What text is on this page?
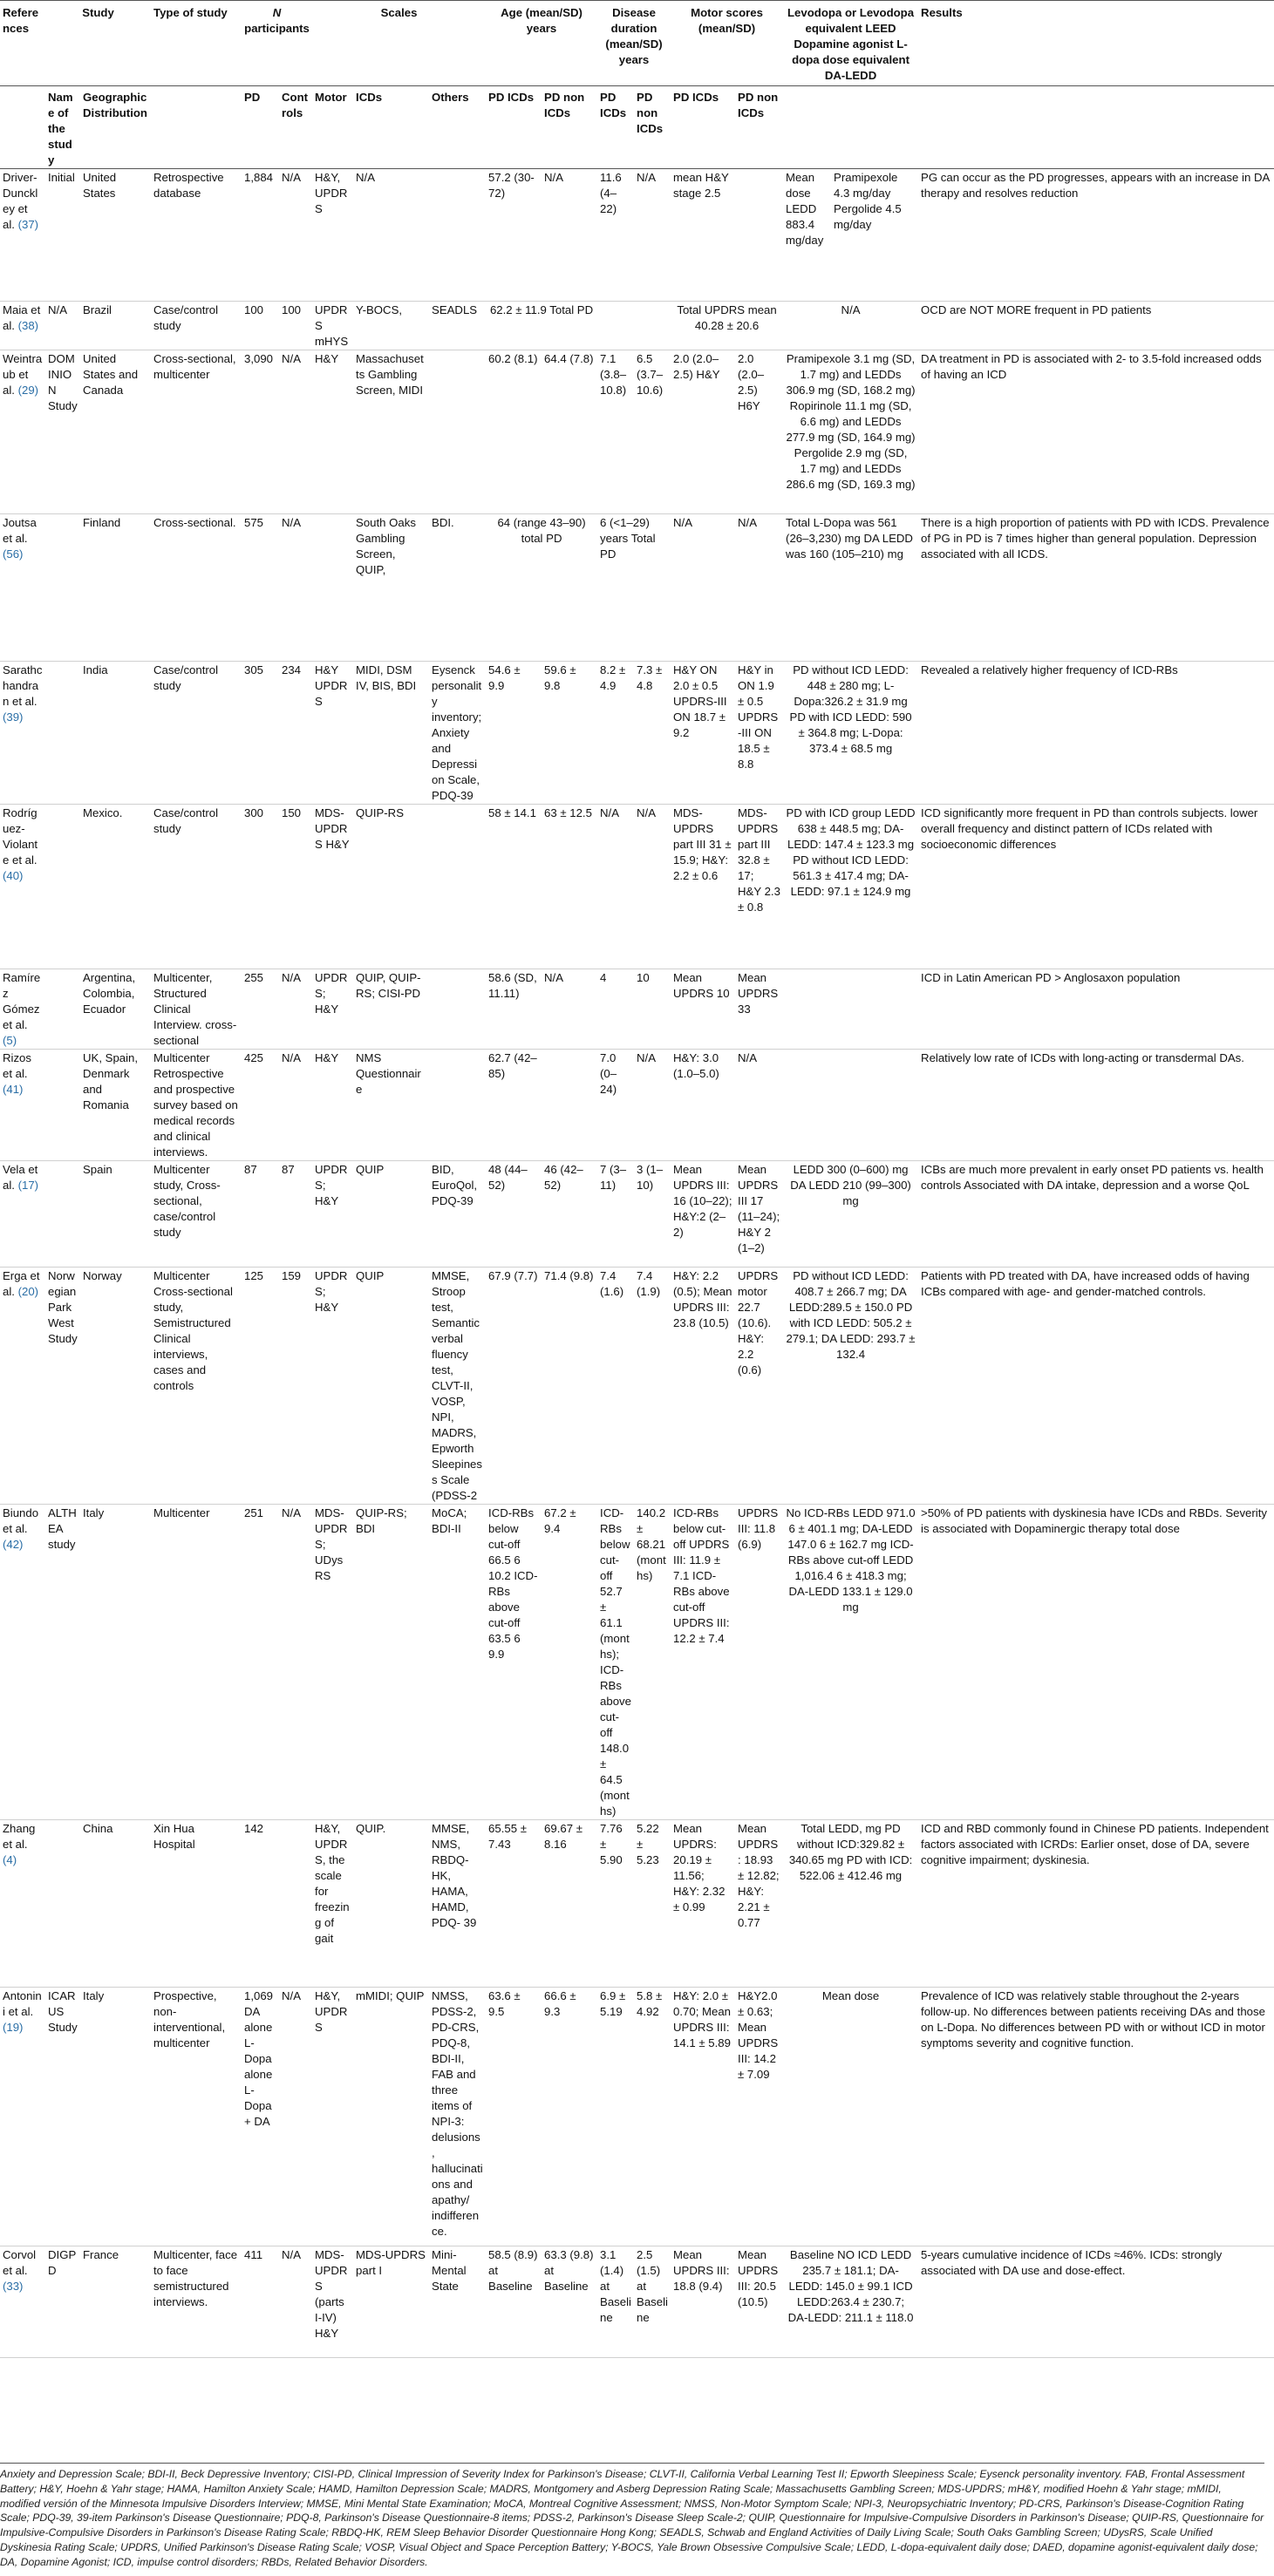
References	Study		Type of study	N participants		Scales			Age (mean/SD) years		Disease duration (mean/SD) years		Motor scores (mean/SD)		Levodopa or Levodopa equivalent LEED Dopamine agonist L-dopa dose equivalent DA-LEDD		Results
	Name of the study	Geographic Distribution		PD	Controls	Motor	ICDs	Others	PD ICDs	PD non ICDs	PD ICDs	PD non ICDs	PD ICDs	PD non ICDs			
Driver-Dunckley et al. (37)	Initial	United States	Retrospective database	1,884	N/A	H&Y, UPDRS	N/A		57.2 (30-72)	N/A	11.6 (4–22)	N/A	mean H&Y stage 2.5		Mean dose LEDD 883.4 mg/day	Pramipexole 4.3 mg/day Pergolide 4.5 mg/day	PG can occur as the PD progresses, appears with an increase in DA therapy and resolves reduction
Maia et al. (38)	N/A	Brazil	Case/control study	100	100	UPDRS mHYS	Y-BOCS,	SEADLS	62.2 ± 11.9 Total PD				Total UPDRS mean 40.28 ± 20.6		N/A		OCD are NOT MORE frequent in PD patients
Weintraub et al. (29)	DOMINION Study	United States and Canada	Cross-sectional, multicenter	3,090	N/A	H&Y	Massachusetts Gambling Screen, MIDI		60.2 (8.1)	64.4 (7.8)	7.1 (3.8–10.8)	6.5 (3.7–10.6)	2.0 (2.0–2.5) H&Y	2.0 (2.0–2.5) H6Y	Pramipexole 3.1 mg (SD, 1.7 mg) and LEDDs 306.9 mg (SD, 168.2 mg) Ropirinole 11.1 mg (SD, 6.6 mg) and LEDDs 277.9 mg (SD, 164.9 mg) Pergolide 2.9 mg (SD, 1.7 mg) and LEDDs 286.6 mg (SD, 169.3 mg)		DA treatment in PD is associated with 2- to 3.5-fold increased odds of having an ICD
Joutsa et al. (56)		Finland	Cross-sectional.	575	N/A		South Oaks Gambling Screen, QUIP,	BDI.	64 (range 43–90) total PD		6 (<1–29) years Total PD		N/A	N/A	Total L-Dopa was 561 (26–3,230) mg DA LEDD was 160 (105–210) mg		There is a high proportion of patients with PD with ICDS. Prevalence of PG in PD is 7 times higher than general population. Depression associated with all ICDS.
Sarathchandran et al. (39)		India	Case/control study	305	234	H&Y UPDRS	MIDI, DSM IV, BIS, BDI	Eysenck personality inventory; Anxiety and Depression Scale, PDQ-39	54.6 ± 9.9	59.6 ± 9.8	8.2 ± 4.9	7.3 ± 4.8	H&Y ON 2.0 ± 0.5 UPDRS-III ON 18.7 ± 9.2	H&Y in ON 1.9 ± 0.5 UPDRS-III ON 18.5 ± 8.8	PD without ICD LEDD: 448 ± 280 mg; L-Dopa:326.2 ± 31.9 mg PD with ICD LEDD: 590 ± 364.8 mg; L-Dopa: 373.4 ± 68.5 mg		Revealed a relatively higher frequency of ICD-RBs
Rodríguez-Violante et al. (40)		Mexico.	Case/control study	300	150	MDS-UPDRS H&Y	QUIP-RS		58 ± 14.1	63 ± 12.5	N/A	N/A	MDS-UPDRS part III 31 ± 15.9; H&Y: 2.2 ± 0.6	MDS-UPDRS part III 32.8 ± 17; H&Y 2.3 ± 0.8	PD with ICD group LEDD 638 ± 448.5 mg; DA-LEDD: 147.4 ± 123.3 mg PD without ICD LEDD: 561.3 ± 417.4 mg; DA-LEDD: 97.1 ± 124.9 mg		ICD significantly more frequent in PD than controls subjects. lower overall frequency and distinct pattern of ICDs related with socioeconomic differences
Ramírez Gómez et al. (5)		Argentina, Colombia, Ecuador	Multicenter, Structured Clinical Interview. cross-sectional	255	N/A	UPDRS; H&Y	QUIP, QUIP-RS; CISI-PD		58.6 (SD, 11.11)	N/A	4	10	Mean UPDRS 10	Mean UPDRS 33			ICD in Latin American PD > Anglosaxon population
Rizos et al. (41)		UK, Spain, Denmark and Romania	Multicenter Retrospective and prospective survey based on medical records and clinical interviews.	425	N/A	H&Y	NMS Questionnaire		62.7 (42–85)		7.0 (0–24)	N/A	H&Y: 3.0 (1.0–5.0)	N/A			Relatively low rate of ICDs with long-acting or transdermal DAs.
Vela et al. (17)		Spain	Multicenter study, Cross-sectional, case/control study	87	87	UPDRS; H&Y	QUIP	BID, EuroQol, PDQ-39	48 (44–52)	46 (42–52)	7 (3–11)	3 (1–10)	Mean UPDRS III: 16 (10–22); H&Y:2 (2–2)	Mean UPDRS III 17 (11–24); H&Y 2 (1–2)	LEDD 300 (0–600) mg DA LEDD 210 (99–300) mg		ICBs are much more prevalent in early onset PD patients vs. health controls Associated with DA intake, depression and a worse QoL
Erga et al. (20)	Norwegian ParkWest Study	Norway	Multicenter Cross-sectional study, Semistructured Clinical interviews, cases and controls	125	159	UPDRS; H&Y	QUIP	MMSE, Stroop test, Semantic verbal fluency test, CLVT-II, VOSP, NPI, MADRS, Epworth Sleepiness Scale (PDSS-2	67.9 (7.7)	71.4 (9.8)	7.4 (1.6)	7.4 (1.9)	H&Y: 2.2 (0.5); Mean UPDRS III: 23.8 (10.5)	UPDRS motor 22.7 (10.6). H&Y: 2.2 (0.6)	PD without ICD LEDD: 408.7 ± 266.7 mg; DA LEDD:289.5 ± 150.0 PD with ICD LEDD: 505.2 ± 279.1; DA LEDD: 293.7 ± 132.4		Patients with PD treated with DA, have increased odds of having ICBs compared with age- and gender-matched controls.
Biundo et al. (42)	ALTHEA study	Italy	Multicenter	251	N/A	MDS-UPDRS; UDysRS	QUIP-RS; BDI	MoCA; BDI-II	ICD-RBs below cut-off 66.5 6 10.2 ICD-RBs above cut-off 63.5 6 9.9	67.2 ± 9.4	ICD-RBs below cut-off 52.7 ± 61.1 (months); ICD-RBs above cut-off 148.0 ± 64.5 (months)	140.2 ± 68.21 (months)	ICD-RBs below cut-off UPDRS III: 11.9 ± 7.1 ICD-RBs above cut-off UPDRS III: 12.2 ± 7.4	UPDRS III: 11.8 (6.9)	No ICD-RBs LEDD 971.0 6 ± 401.1 mg; DA-LEDD 147.0 6 ± 162.7 mg ICD-RBs above cut-off LEDD 1,016.4 6 ± 418.3 mg; DA-LEDD 133.1 ± 129.0 mg		>50% of PD patients with dyskinesia have ICDs and RBDs. Severity is associated with Dopaminergic therapy total dose
Zhang et al. (4)		China	Xin Hua Hospital	142		H&Y, UPDRS, the scale for freezing of gait	QUIP.	MMSE, NMS, RBDQ-HK, HAMA, HAMD, PDQ- 39	65.55 ± 7.43	69.67 ± 8.16	7.76 ± 5.90	5.22 ± 5.23	Mean UPDRS: 20.19 ± 11.56; H&Y: 2.32 ± 0.99	Mean UPDRS: 18.93 ± 12.82; H&Y: 2.21 ± 0.77	Total LEDD, mg PD without ICD:329.82 ± 340.65 mg PD with ICD: 522.06 ± 412.46 mg		ICD and RBD commonly found in Chinese PD patients. Independent factors associated with ICRDs: Earlier onset, dose of DA, severe cognitive impairment; dyskinesia.
Antonini et al. (19)	ICARUS Study	Italy	Prospective, non-interventional, multicenter	1,069 DA alone L-Dopa alone L-Dopa + DA	N/A	H&Y, UPDRS	mMIDI; QUIP	NMSS, PDSS-2, PD-CRS, PDQ-8, BDI-II, FAB and three items of NPI-3: delusions, hallucinations and apathy/ indifference.	63.6 ± 9.5	66.6 ± 9.3	6.9 ± 5.19	5.8 ± 4.92	H&Y: 2.0 ± 0.70; Mean UPDRS III: 14.1 ± 5.89	H&Y2.0 ± 0.63; Mean UPDRS III: 14.2 ± 7.09	Mean dose		Prevalence of ICD was relatively stable throughout the 2-years follow-up. No differences between patients receiving DAs and those on L-Dopa. No differences between PD with or without ICD in motor symptoms severity and cognitive function.
Corvol et al. (33)	DIGPD	France	Multicenter, face to face semistructured interviews.	411	N/A	MDS-UPDRS (parts I-IV) H&Y	MDS-UPDRS part I	Mini-Mental State	58.5 (8.9) at Baseline	63.3 (9.8) at Baseline	3.1 (1.4) at Baseline	2.5 (1.5) at Baseline	Mean UPDRS III: 18.8 (9.4)	Mean UPDRS III: 20.5 (10.5)	Baseline NO ICD LEDD 235.7 ± 181.1; DA-LEDD: 145.0 ± 99.1 ICD LEDD:263.4 ± 230.7; DA-LEDD: 211.1 ± 118.0		5-years cumulative incidence of ICDs ≈46%. ICDs: strongly associated with DA use and dose-effect.
Anxiety and Depression Scale; BDI-II, Beck Depressive Inventory; CISI-PD, Clinical Impression of Severity Index for Parkinson's Disease; CLVT-II, California Verbal Learning Test II; Epworth Sleepiness Scale; Eysenck personality inventory. FAB, Frontal Assessment Battery; H&Y, Hoehn & Yahr stage; HAMA, Hamilton Anxiety Scale; HAMD, Hamilton Depression Scale; MADRS, Montgomery and Asberg Depression Rating Scale; Massachusetts Gambling Screen; MDS-UPDRS; mH&Y, modified Hoehn & Yahr stage; mMIDI, modified versión of the Minnesota Impulsive Disorders Interview; MMSE, Mini Mental State Examination; MoCA, Montreal Cognitive Assessment; NMSS, Non-Motor Symptom Scale; NPI-3, Neuropsychiatric Inventory; PD-CRS, Parkinson's Disease-Cognition Rating Scale; PDQ-39, 39-item Parkinson's Disease Questionnaire; PDQ-8, Parkinson's Disease Questionnaire-8 items; PDSS-2, Parkinson's Disease Sleep Scale-2; QUIP, Questionnaire for Impulsive-Compulsive Disorders in Parkinson's Disease; QUIP-RS, Questionnaire for Impulsive-Compulsive Disorders in Parkinson's Disease Rating Scale; RBDQ-HK, REM Sleep Behavior Disorder Questionnaire Hong Kong; SEADLS, Schwab and England Activities of Daily Living Scale; South Oaks Gambling Screen; UDysRS, Scale Unified Dyskinesia Rating Scale; UPDRS, Unified Parkinson's Disease Rating Scale; VOSP, Visual Object and Space Perception Battery; Y-BOCS, Yale Brown Obsessive Compulsive Scale; LEDD, L-dopa-equivalent daily dose; DAED, dopamine agonist-equivalent daily dose; DA, Dopamine Agonist; ICD, impulse control disorders; RBDs, Related Behavior Disorders.
